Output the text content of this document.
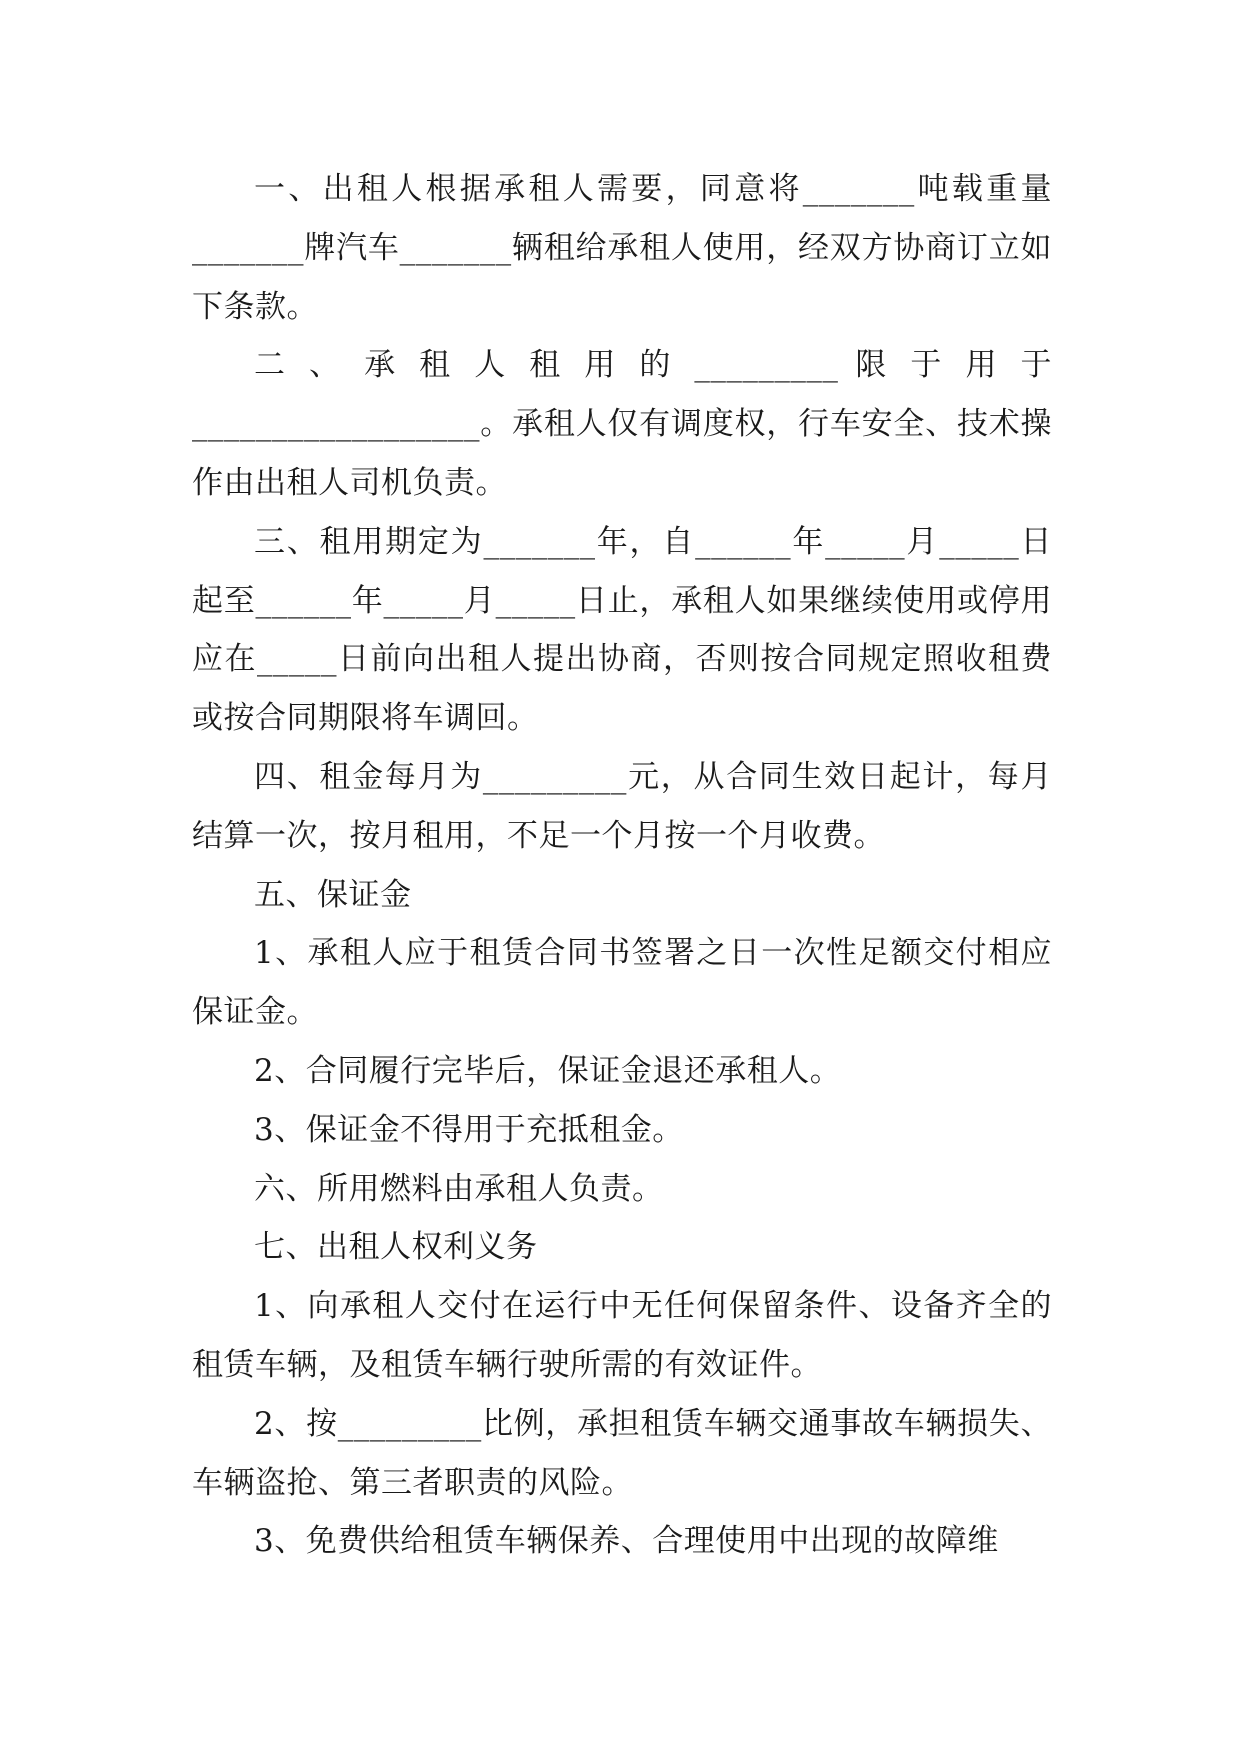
一、出租人根据承租人需要，同意将_______吨载重量_______牌汽车_______辆租给承租人使用，经双方协商订立如下条款。

二 、 承 租 人 租 用 的 _________ 限 于 用 于 __________________。承租人仅有调度权，行车安全、技术操作由出租人司机负责。

三、租用期定为_______年，自______年_____月_____日起至______年_____月_____日止，承租人如果继续使用或停用应在_____日前向出租人提出协商，否则按合同规定照收租费或按合同期限将车调回。

四、租金每月为_________元，从合同生效日起计，每月结算一次，按月租用，不足一个月按一个月收费。

五、保证金

1、承租人应于租赁合同书签署之日一次性足额交付相应保证金。

2、合同履行完毕后，保证金退还承租人。

3、保证金不得用于充抵租金。

六、所用燃料由承租人负责。

七、出租人权利义务

1、向承租人交付在运行中无任何保留条件、设备齐全的租赁车辆，及租赁车辆行驶所需的有效证件。

2、按_________比例，承担租赁车辆交通事故车辆损失、车辆盗抢、第三者职责的风险。

3、免费供给租赁车辆保养、合理使用中出现的故障维
